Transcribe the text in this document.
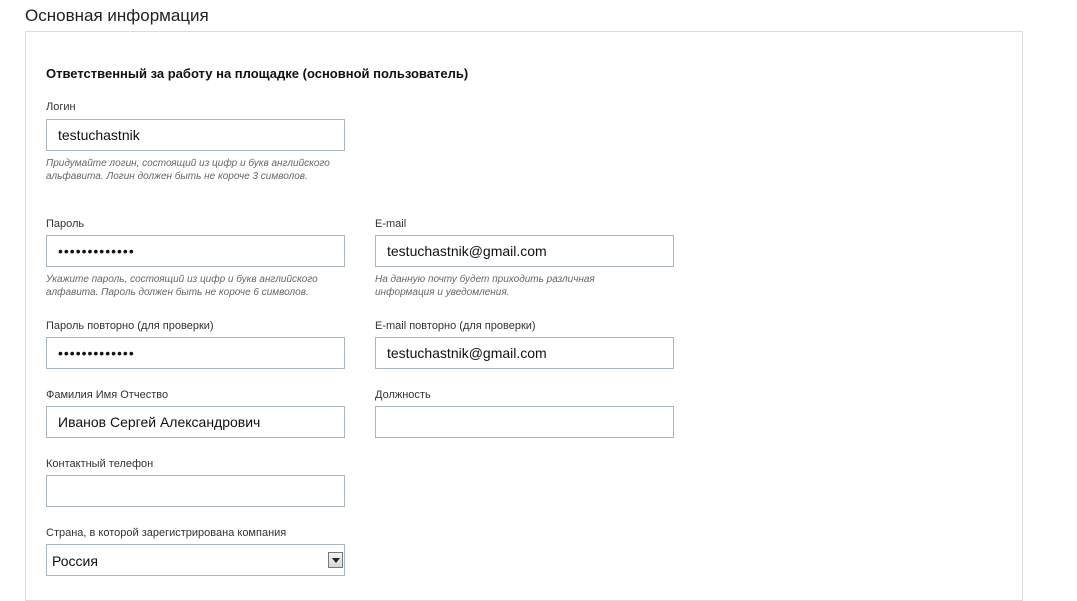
Основная информация
Ответственный за работу на площадке (основной пользователь)
Логин
testuchastnik
Придумайте логин, состоящий из цифр и букв английского альфавита. Логин должен быть не короче 3 символов.
Пароль
•••••••••••••
Укажите пароль, состоящий из цифр и букв английского алфавита. Пароль должен быть не короче 6 символов.
E-mail
testuchastnik@gmail.com
На данную почту будет приходить различная информация и уведомления.
Пароль повторно (для проверки)
•••••••••••••	E-mail повторно (для проверки)
testuchastnik@gmail.com
Фамилия Имя Отчество
Иванов Сергей Александрович	Должность
Контактный телефон
Страна, в которой зарегистрирована компания
Россия
